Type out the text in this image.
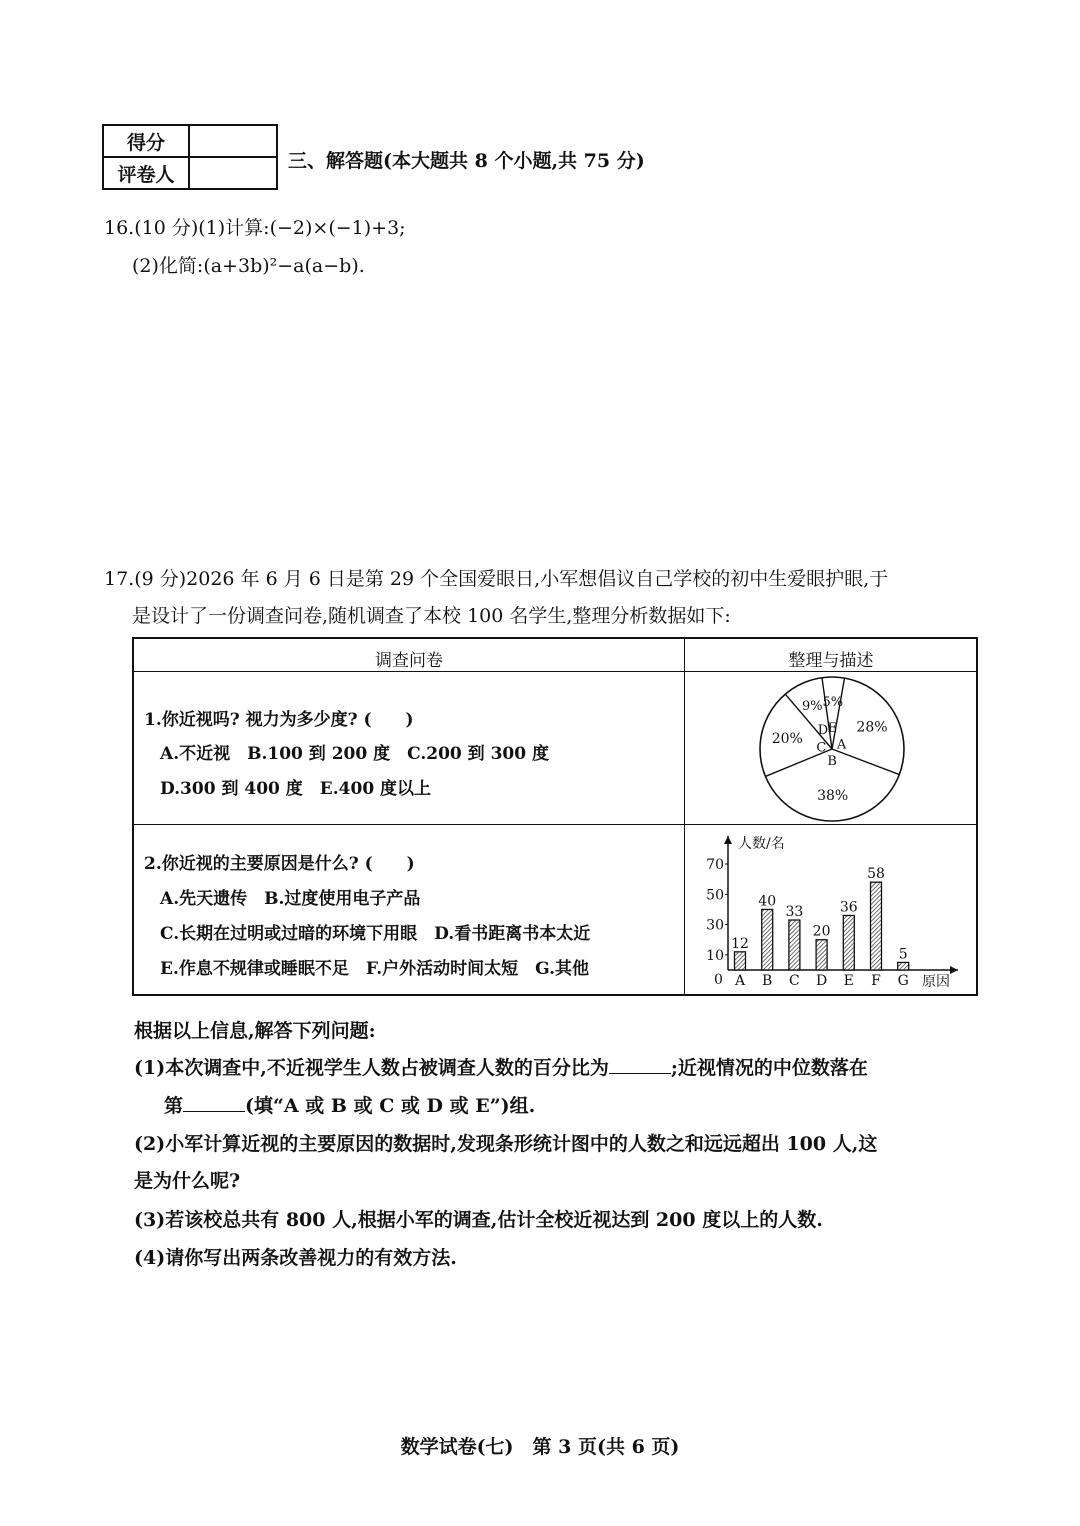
得分	
评卷人	
三、解答题(本大题共 8 个小题,共 75 分)
16.(10 分)(1)计算:(−2)×(−1)+3;
(2)化简:(a+3b)²−a(a−b).
17.(9 分)2026 年 6 月 6 日是第 29 个全国爱眼日,小军想倡议自己学校的初中生爱眼护眼,于
是设计了一份调查问卷,随机调查了本校 100 名学生,整理分析数据如下:
调查问卷	整理与描述
1.你近视吗? 视力为多少度? (　　)
A.不近视　B.100 到 200 度　C.200 到 300 度
D.300 到 400 度　E.400 度以上
2.你近视的主要原因是什么? (　　)
A.先天遗传　B.过度使用电子产品
C.长期在过明或过暗的环境下用眼　D.看书距离书本太近
E.作息不规律或睡眠不足　F.户外活动时间太短　G.其他
28%
A
38%
B
20%
C
9%
D
5%
E
人数/名
原因
0
10
30
50
70
12
A
40
B
33
C
20
D
36
E
58
F
5
G
根据以上信息,解答下列问题:
(1)本次调查中,不近视学生人数占被调查人数的百分比为	;近视情况的中位数落在
第	(填“A 或 B 或 C 或 D 或 E”)组.
(2)小军计算近视的主要原因的数据时,发现条形统计图中的人数之和远远超出 100 人,这
是为什么呢?
(3)若该校总共有 800 人,根据小军的调查,估计全校近视达到 200 度以上的人数.
(4)请你写出两条改善视力的有效方法.
数学试卷(七)　第 3 页(共 6 页)
